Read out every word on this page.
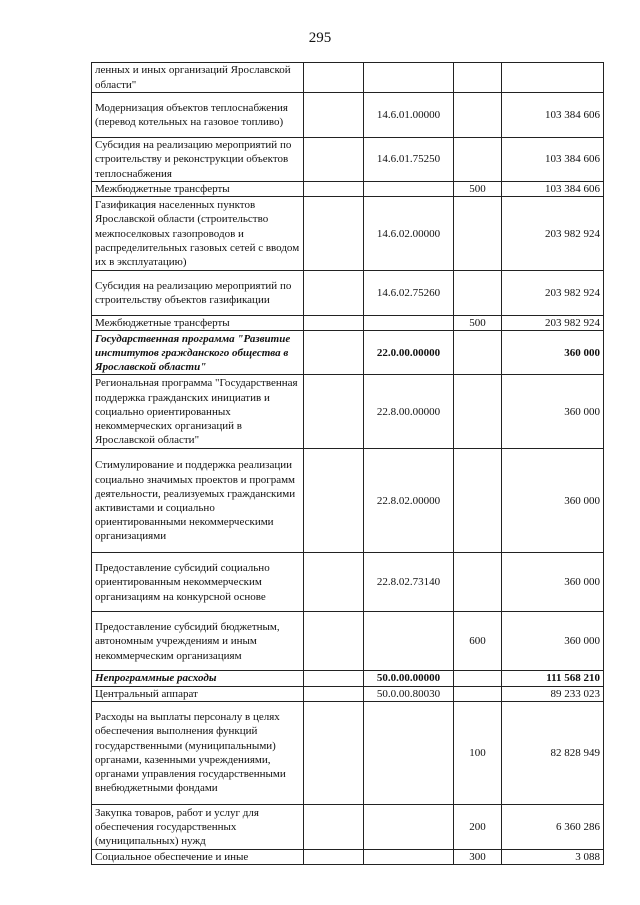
295
ленных и иных организаций Ярославской области"				
Модернизация объектов теплоснабжения (перевод котельных на газовое топливо)		14.6.01.00000		103 384 606
Субсидия на реализацию мероприятий по строительству и реконструкции объектов теплоснабжения		14.6.01.75250		103 384 606
Межбюджетные трансферты			500	103 384 606
Газификация населенных пунктов Ярославской области (строительство межпоселковых газопроводов и распределительных газовых сетей с вводом их в эксплуатацию)		14.6.02.00000		203 982 924
Субсидия на реализацию мероприятий по строительству объектов газификации		14.6.02.75260		203 982 924
Межбюджетные трансферты			500	203 982 924
Государственная программа "Развитие институтов гражданского общества в Ярославской области"		22.0.00.00000		360 000
Региональная программа "Государственная поддержка гражданских инициатив и социально ориентированных некоммерческих организаций в Ярославской области"		22.8.00.00000		360 000
Стимулирование и поддержка реализации социально значимых проектов и программ деятельности, реализуемых гражданскими активистами и социально ориентированными некоммерческими организациями		22.8.02.00000		360 000
Предоставление субсидий социально ориентированным некоммерческим организациям на конкурсной основе		22.8.02.73140		360 000
Предоставление субсидий бюджетным, автономным учреждениям и иным некоммерческим организациям			600	360 000
Непрограммные расходы		50.0.00.00000		111 568 210
Центральный аппарат		50.0.00.80030		89 233 023
Расходы на выплаты персоналу в целях обеспечения выполнения функций государственными (муниципальными) органами, казенными учреждениями, органами управления государственными внебюджетными фондами			100	82 828 949
Закупка товаров, работ и услуг для обеспечения государственных (муниципальных) нужд			200	6 360 286
Социальное обеспечение и иные			300	3 088
